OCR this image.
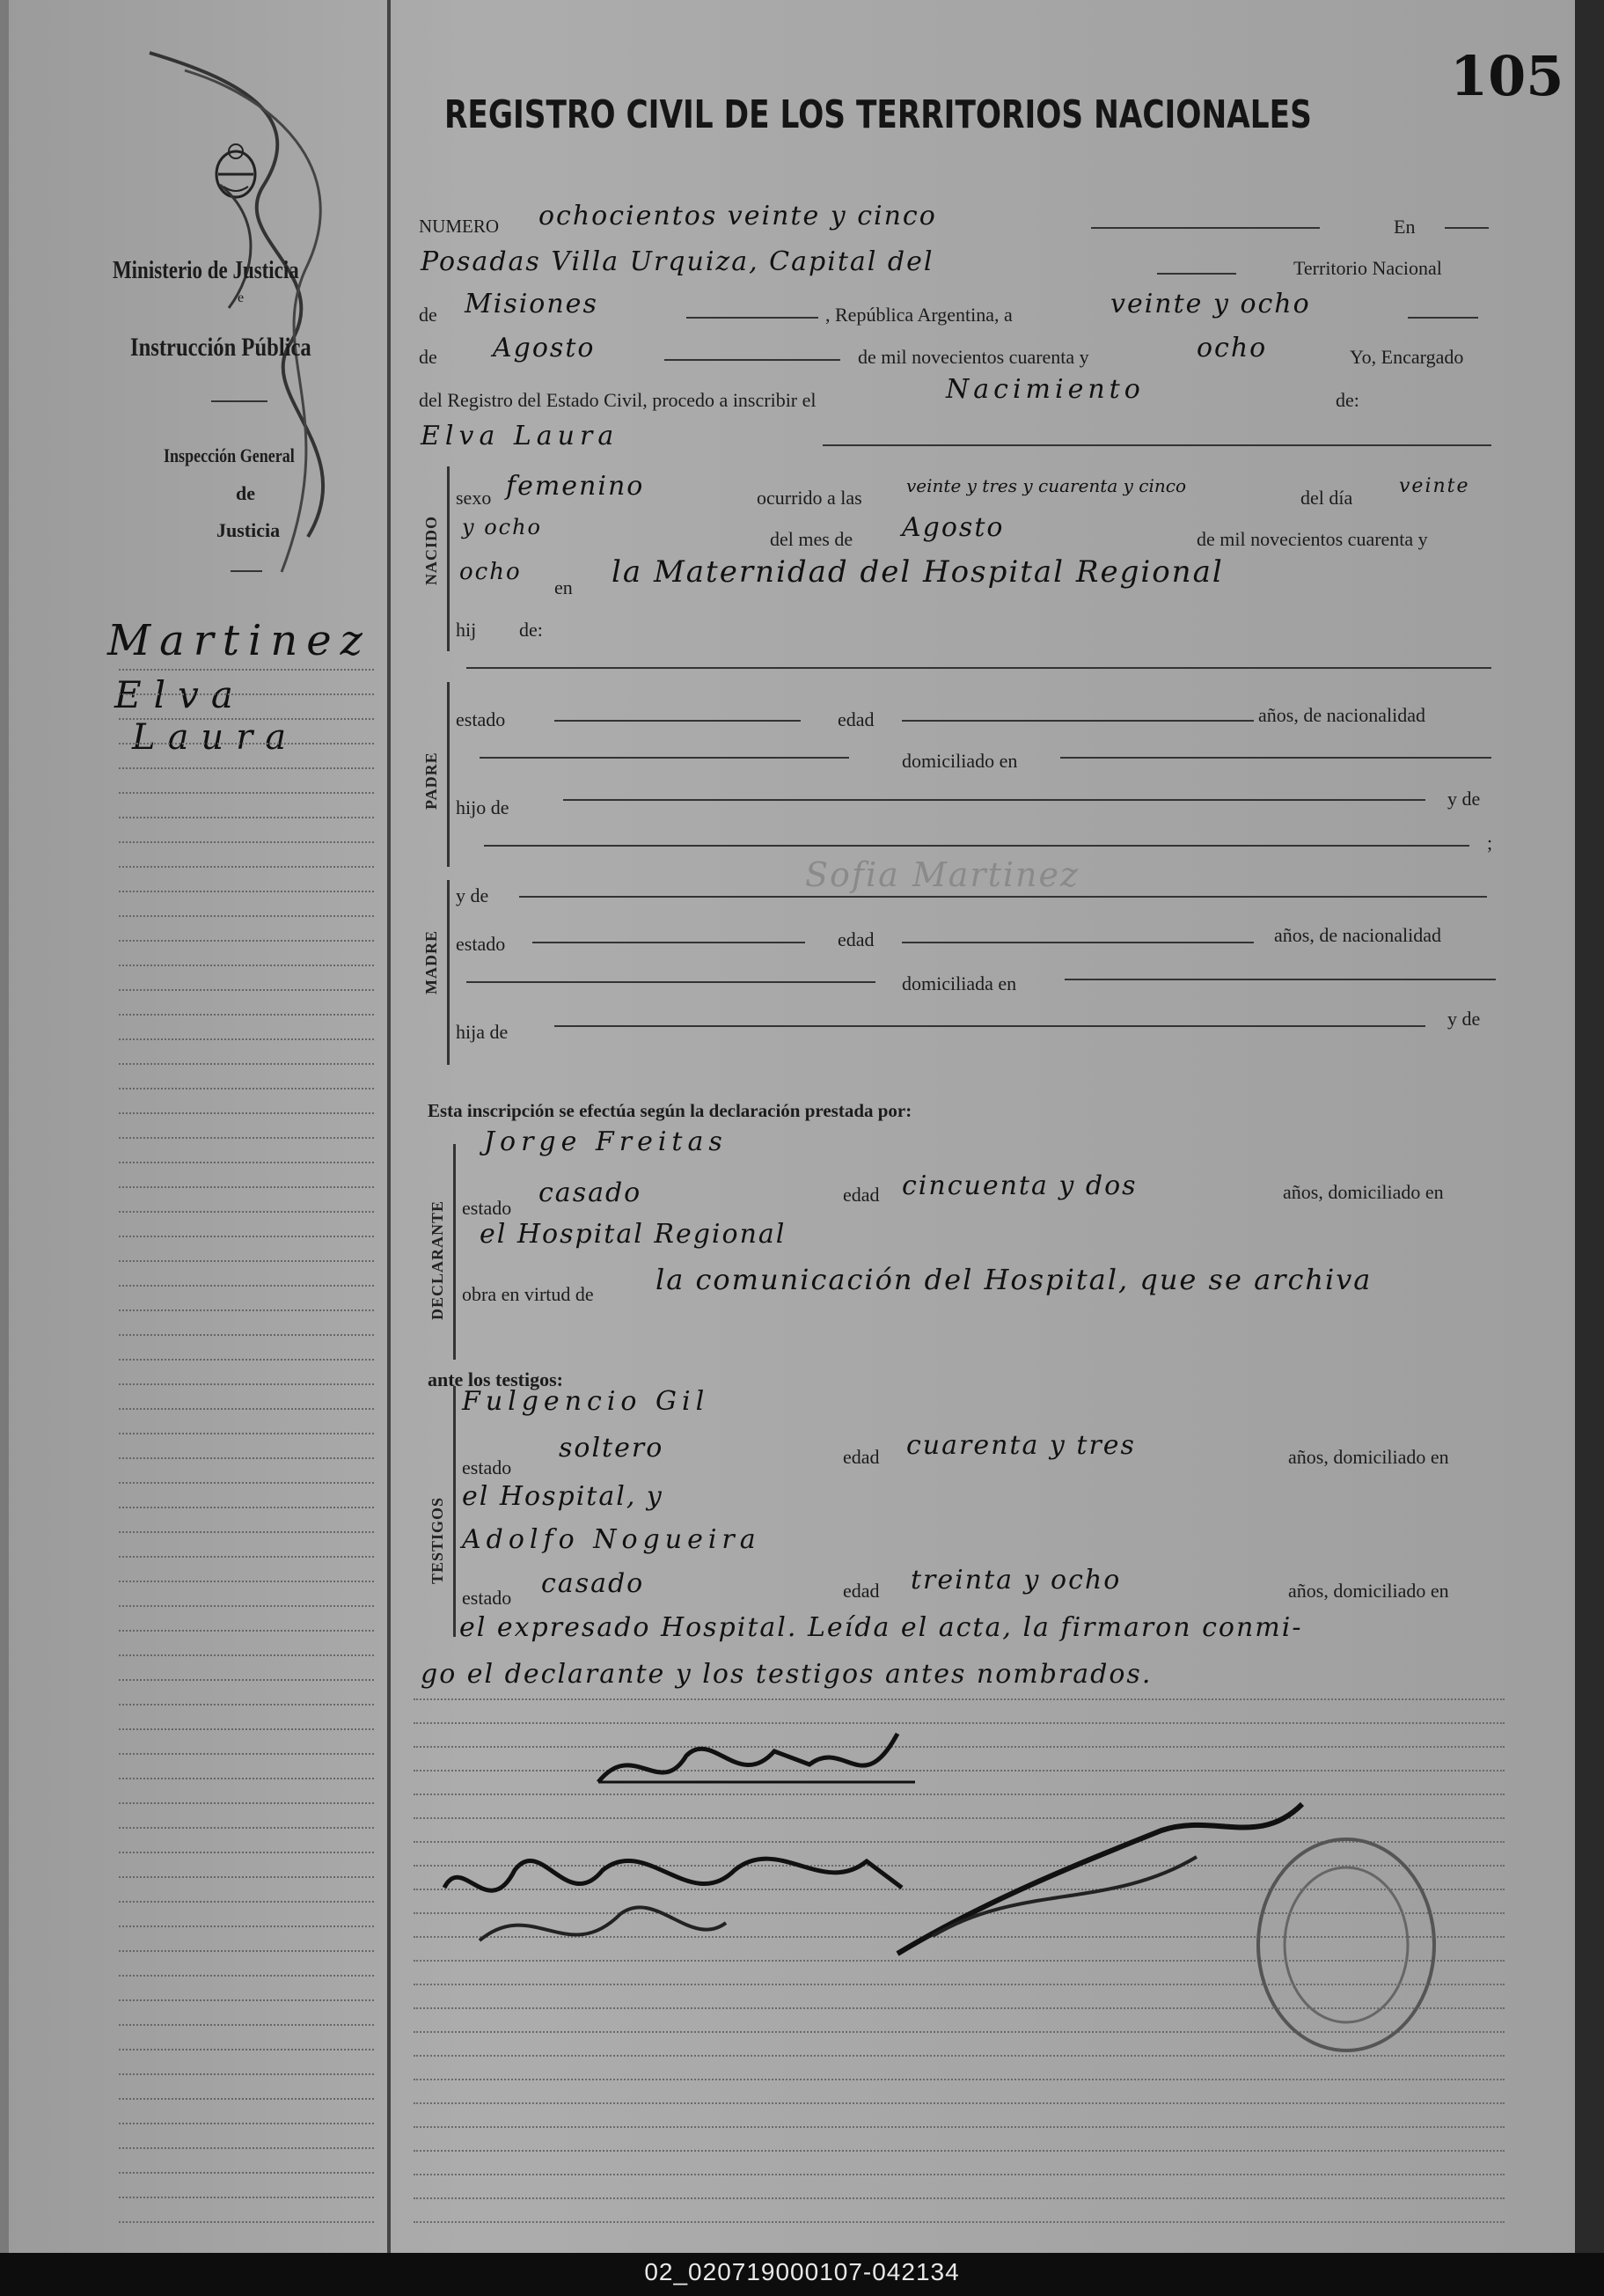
105
REGISTRO CIVIL DE LOS TERRITORIOS NACIONALES
Ministerio de Justicia
e
Instrucción Pública
Inspección General
de
Justicia
Martinez
Elva
Laura
NUMERO ochocientos veinte y cinco	En
Posadas Villa Urquiza, Capital del	Territorio Nacional
de Misiones	, República Argentina, a	veinte y ocho
de Agosto	de mil novecientos cuarenta y	ocho	Yo, Encargado
del Registro del Estado Civil, procedo a inscribir el	Nacimiento	de:
Elva Laura
NACIDO
sexo femenino	ocurrido a las
veinte y tres y cuarenta y cinco
del día
veinte
y ocho	del mes de Agosto	de mil novecientos cuarenta y
ocho
en la Maternidad del Hospital Regional
hij de:
PADRE
estado	edad	años, de nacionalidad
domiciliado en
hijo de	y de
;
MADRE
y de
Sofia Martinez
estado	edad	años, de nacionalidad
domiciliada en
hija de
y de
Esta inscripción se efectúa según la declaración prestada por:
DECLARANTE
Jorge Freitas
estado casado	edad cincuenta y dos	años, domiciliado en
el Hospital Regional
obra en virtud de la comunicación del Hospital, que se archiva
ante los testigos:
TESTIGOS
Fulgencio Gil
estado
soltero	edad cuarenta y tres	años, domiciliado en
el Hospital, y
Adolfo Nogueira
estado casado	edad treinta y ocho	años, domiciliado en
el expresado Hospital. Leída el acta, la firmaron conmi-
go el declarante y los testigos antes nombrados.
02_020719000107-042134
